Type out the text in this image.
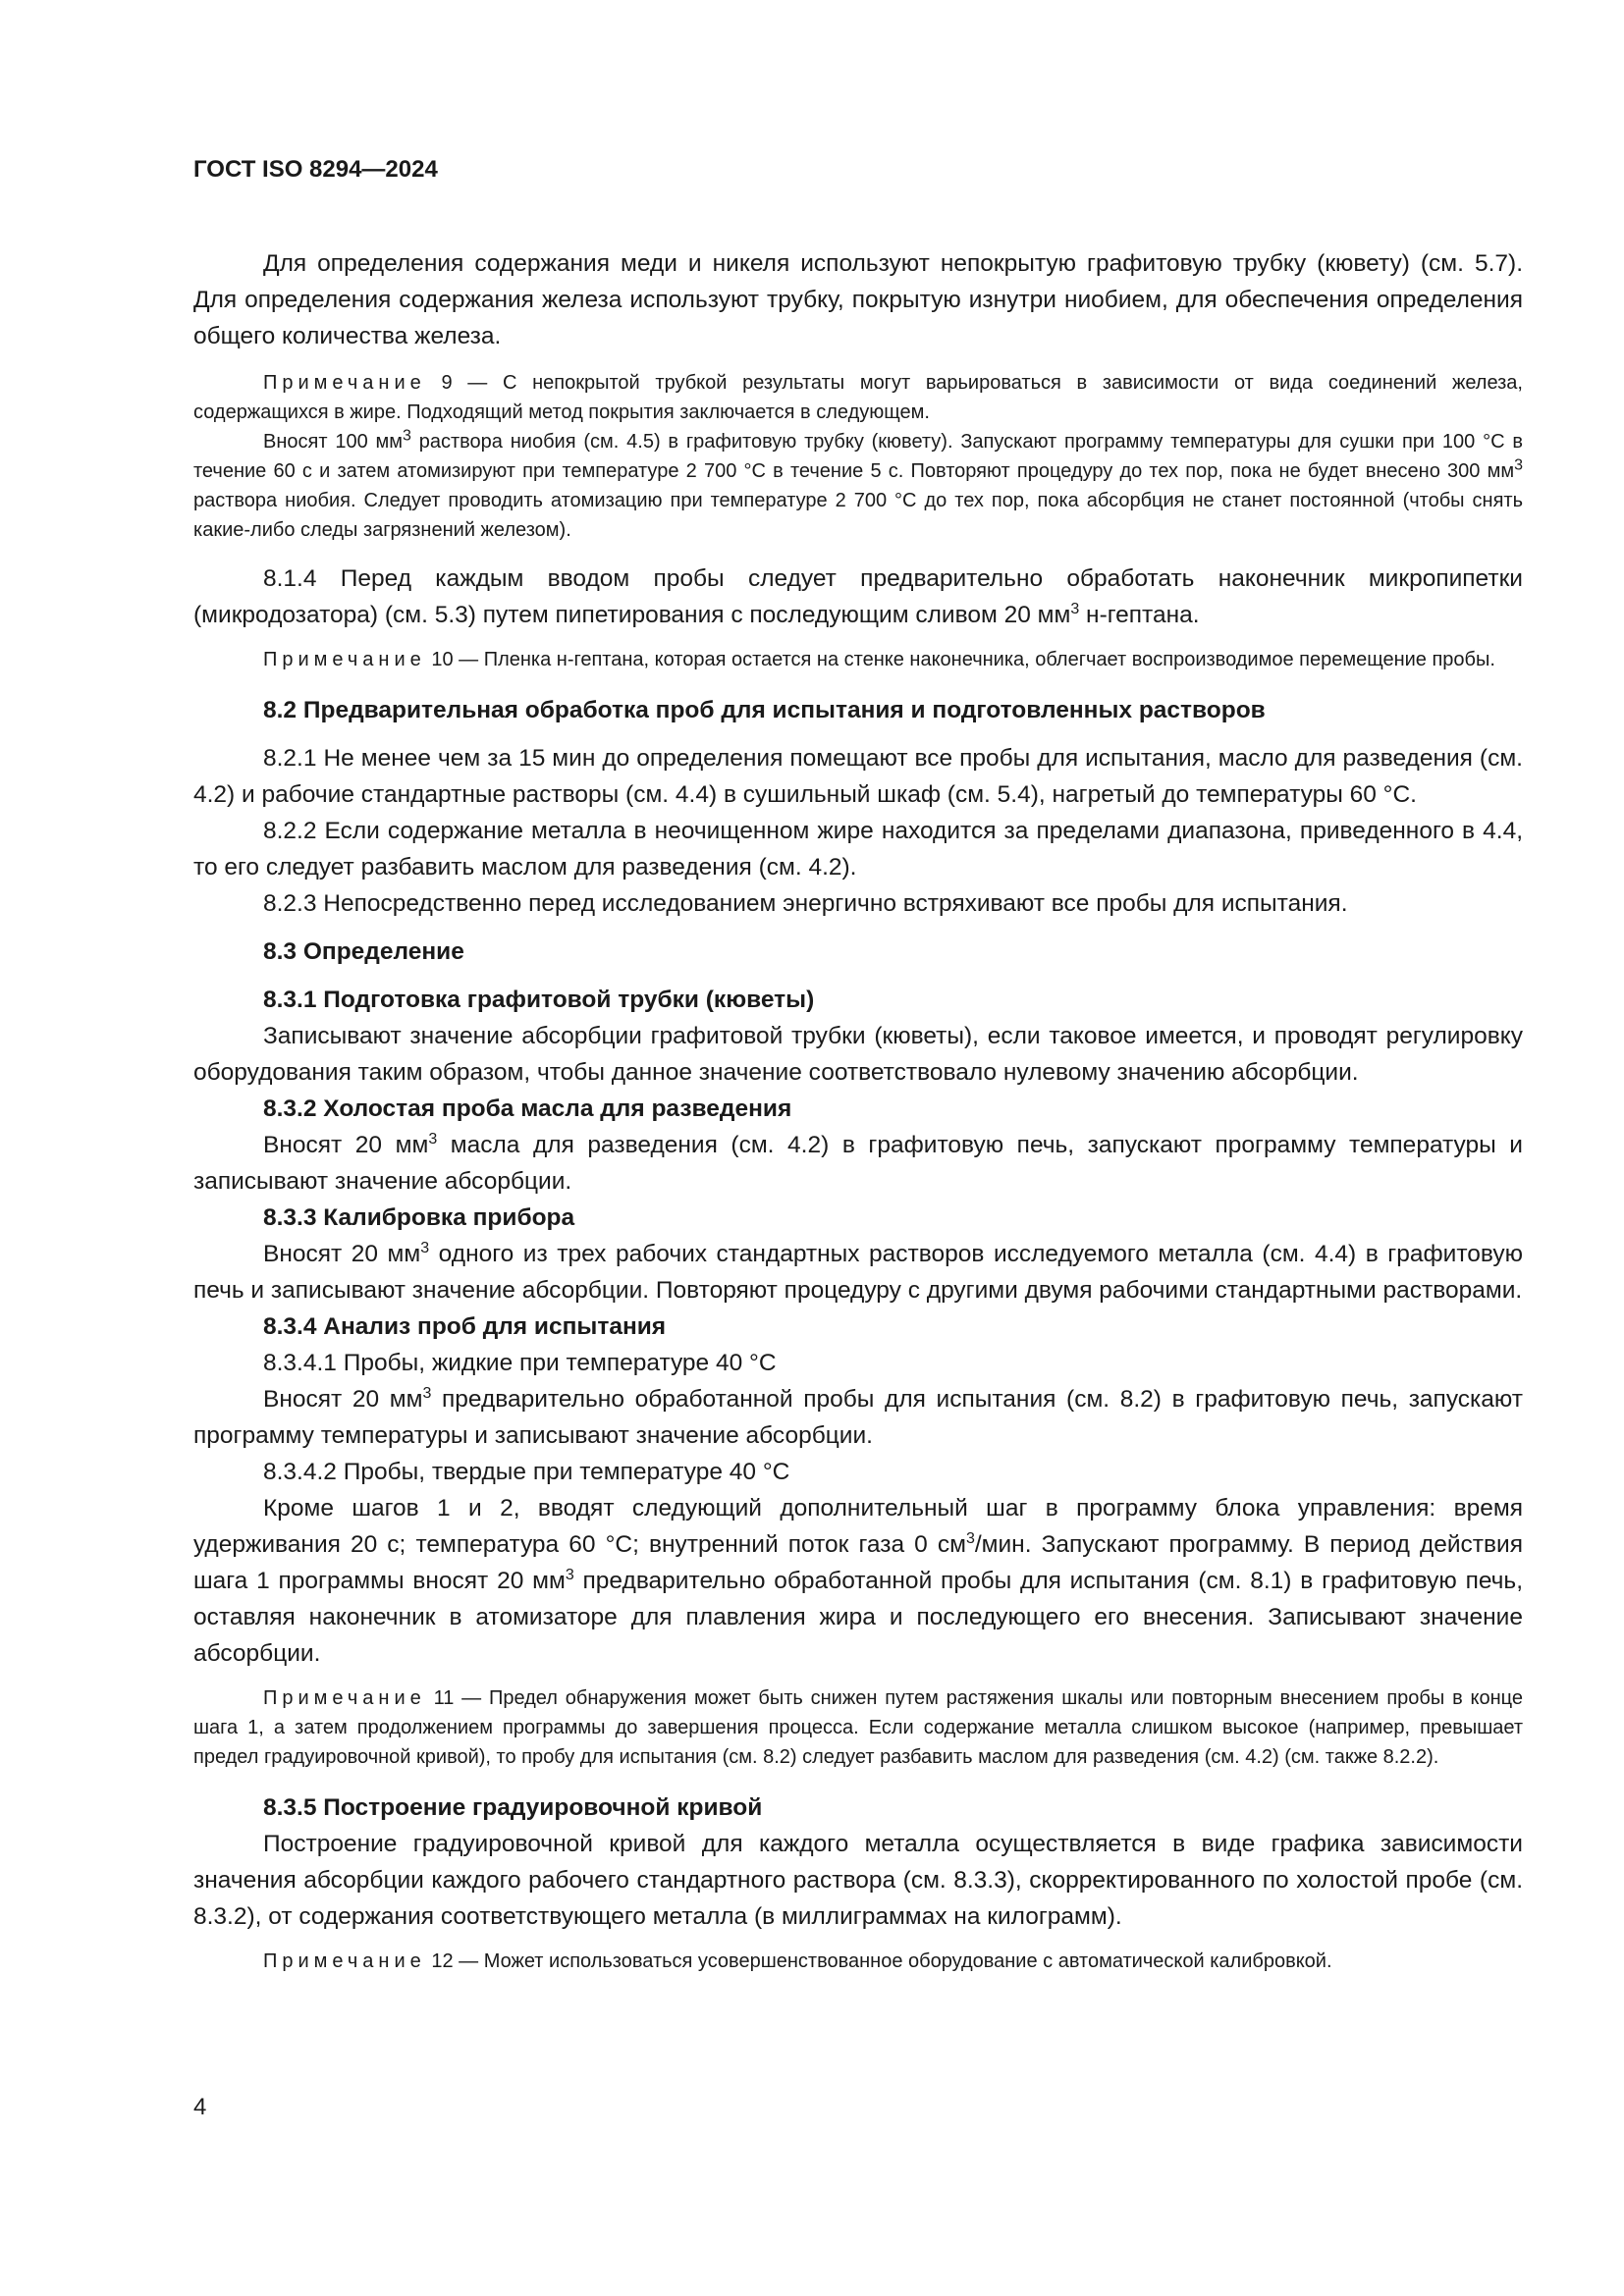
ГОСТ ISO 8294—2024

Для определения содержания меди и никеля используют непокрытую графитовую трубку (кювету) (см. 5.7). Для определения содержания железа используют трубку, покрытую изнутри ниобием, для обеспечения определения общего количества железа.

Примечание 9 — С непокрытой трубкой результаты могут варьироваться в зависимости от вида соединений железа, содержащихся в жире. Подходящий метод покрытия заключается в следующем.

Вносят 100 $мм^3$ раствора ниобия (см. 4.5) в графитовую трубку (кювету). Запускают программу температуры для сушки при 100 °С в течение 60 с и затем атомизируют при температуре 2 700 °С в течение 5 с. Повторяют процедуру до тех пор, пока не будет внесено 300 $мм^3$ раствора ниобия. Следует проводить атомизацию при температуре 2 700 °С до тех пор, пока абсорбция не станет постоянной (чтобы снять какие-либо следы загрязнений железом).

8.1.4 Перед каждым вводом пробы следует предварительно обработать наконечник микропипетки (микродозатора) (см. 5.3) путем пипетирования с последующим сливом 20 $мм^3$ н-гептана.

Примечание 10 — Пленка н-гептана, которая остается на стенке наконечника, облегчает воспроизводимое перемещение пробы.

8.2 Предварительная обработка проб для испытания и подготовленных растворов

8.2.1 Не менее чем за 15 мин до определения помещают все пробы для испытания, масло для разведения (см. 4.2) и рабочие стандартные растворы (см. 4.4) в сушильный шкаф (см. 5.4), нагретый до температуры 60 °С.

8.2.2 Если содержание металла в неочищенном жире находится за пределами диапазона, приведенного в 4.4, то его следует разбавить маслом для разведения (см. 4.2).

8.2.3 Непосредственно перед исследованием энергично встряхивают все пробы для испытания.

8.3 Определение

8.3.1 Подготовка графитовой трубки (кюветы)

Записывают значение абсорбции графитовой трубки (кюветы), если таковое имеется, и проводят регулировку оборудования таким образом, чтобы данное значение соответствовало нулевому значению абсорбции.

8.3.2 Холостая проба масла для разведения

Вносят 20 $мм^3$ масла для разведения (см. 4.2) в графитовую печь, запускают программу температуры и записывают значение абсорбции.

8.3.3 Калибровка прибора

Вносят 20 $мм^3$ одного из трех рабочих стандартных растворов исследуемого металла (см. 4.4) в графитовую печь и записывают значение абсорбции. Повторяют процедуру с другими двумя рабочими стандартными растворами.

8.3.4 Анализ проб для испытания

8.3.4.1 Пробы, жидкие при температуре 40 °С

Вносят 20 $мм^3$ предварительно обработанной пробы для испытания (см. 8.2) в графитовую печь, запускают программу температуры и записывают значение абсорбции.

8.3.4.2 Пробы, твердые при температуре 40 °С

Кроме шагов 1 и 2, вводят следующий дополнительный шаг в программу блока управления: время удерживания 20 с; температура 60 °С; внутренний поток газа 0 $см^3$/мин. Запускают программу. В период действия шага 1 программы вносят 20 $мм^3$ предварительно обработанной пробы для испытания (см. 8.1) в графитовую печь, оставляя наконечник в атомизаторе для плавления жира и последующего его внесения. Записывают значение абсорбции.

Примечание 11 — Предел обнаружения может быть снижен путем растяжения шкалы или повторным внесением пробы в конце шага 1, а затем продолжением программы до завершения процесса. Если содержание металла слишком высокое (например, превышает предел градуировочной кривой), то пробу для испытания (см. 8.2) следует разбавить маслом для разведения (см. 4.2) (см. также 8.2.2).

8.3.5 Построение градуировочной кривой

Построение градуировочной кривой для каждого металла осуществляется в виде графика зависимости значения абсорбции каждого рабочего стандартного раствора (см. 8.3.3), скорректированного по холостой пробе (см. 8.3.2), от содержания соответствующего металла (в миллиграммах на килограмм).

Примечание 12 — Может использоваться усовершенствованное оборудование с автоматической калибровкой.

4
